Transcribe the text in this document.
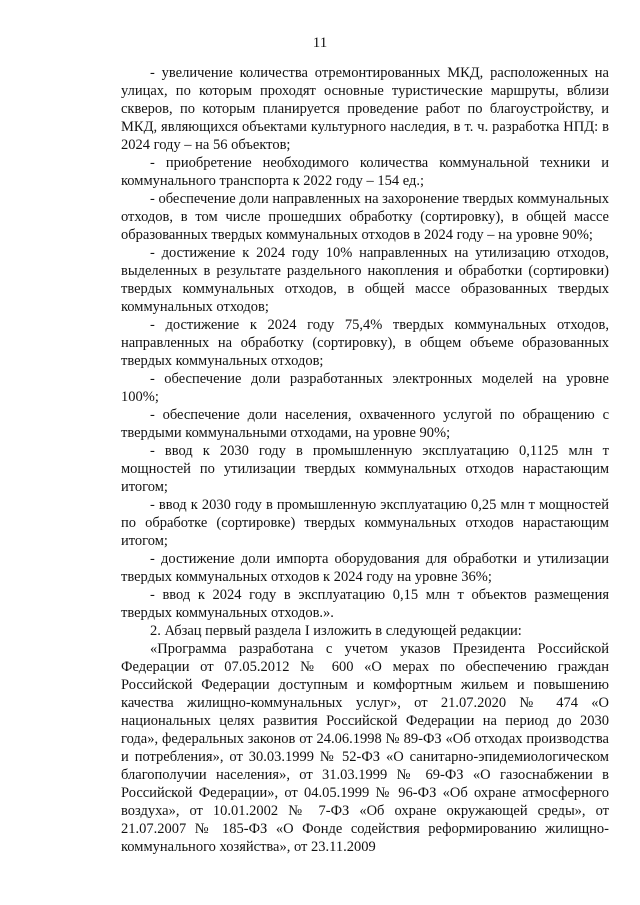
11

- увеличение количества отремонтированных МКД, расположенных на улицах, по которым проходят основные туристические маршруты, вблизи скверов, по которым планируется проведение работ по благоустройству, и МКД, являющихся объектами культурного наследия, в т. ч. разработка НПД: в 2024 году – на 56 объектов;

- приобретение необходимого количества коммунальной техники и коммунального транспорта к 2022 году – 154 ед.;

- обеспечение доли направленных на захоронение твердых коммунальных отходов, в том числе прошедших обработку (сортировку), в общей массе образованных твердых коммунальных отходов в 2024 году – на уровне 90%;

- достижение к 2024 году 10% направленных на утилизацию отходов, выделенных в результате раздельного накопления и обработки (сортировки) твердых коммунальных отходов, в общей массе образованных твердых коммунальных отходов;

- достижение к 2024 году 75,4% твердых коммунальных отходов, направленных на обработку (сортировку), в общем объеме образованных твердых коммунальных отходов;

- обеспечение доли разработанных электронных моделей на уровне 100%;

- обеспечение доли населения, охваченного услугой по обращению с твердыми коммунальными отходами, на уровне 90%;

- ввод к 2030 году в промышленную эксплуатацию 0,1125 млн т мощностей по утилизации твердых коммунальных отходов нарастающим итогом;

- ввод к 2030 году в промышленную эксплуатацию 0,25 млн т мощностей по обработке (сортировке) твердых коммунальных отходов нарастающим итогом;

- достижение доли импорта оборудования для обработки и утилизации твердых коммунальных отходов к 2024 году на уровне 36%;

- ввод к 2024 году в эксплуатацию 0,15 млн т объектов размещения твердых коммунальных отходов.».

2. Абзац первый раздела I изложить в следующей редакции:

«Программа разработана с учетом указов Президента Российской Федерации от 07.05.2012 № 600 «О мерах по обеспечению граждан Российской Федерации доступным и комфортным жильем и повышению качества жилищно-коммунальных услуг», от 21.07.2020 № 474 «О национальных целях развития Российской Федерации на период до 2030 года», федеральных законов от 24.06.1998 № 89-ФЗ «Об отходах производства и потребления», от 30.03.1999 № 52-ФЗ «О санитарно-эпидемиологическом благополучии населения», от 31.03.1999 № 69-ФЗ «О газоснабжении в Российской Федерации», от 04.05.1999 № 96-ФЗ «Об охране атмосферного воздуха», от 10.01.2002 № 7-ФЗ «Об охране окружающей среды», от 21.07.2007 № 185-ФЗ «О Фонде содействия реформированию жилищно-коммунального хозяйства», от 23.11.2009
